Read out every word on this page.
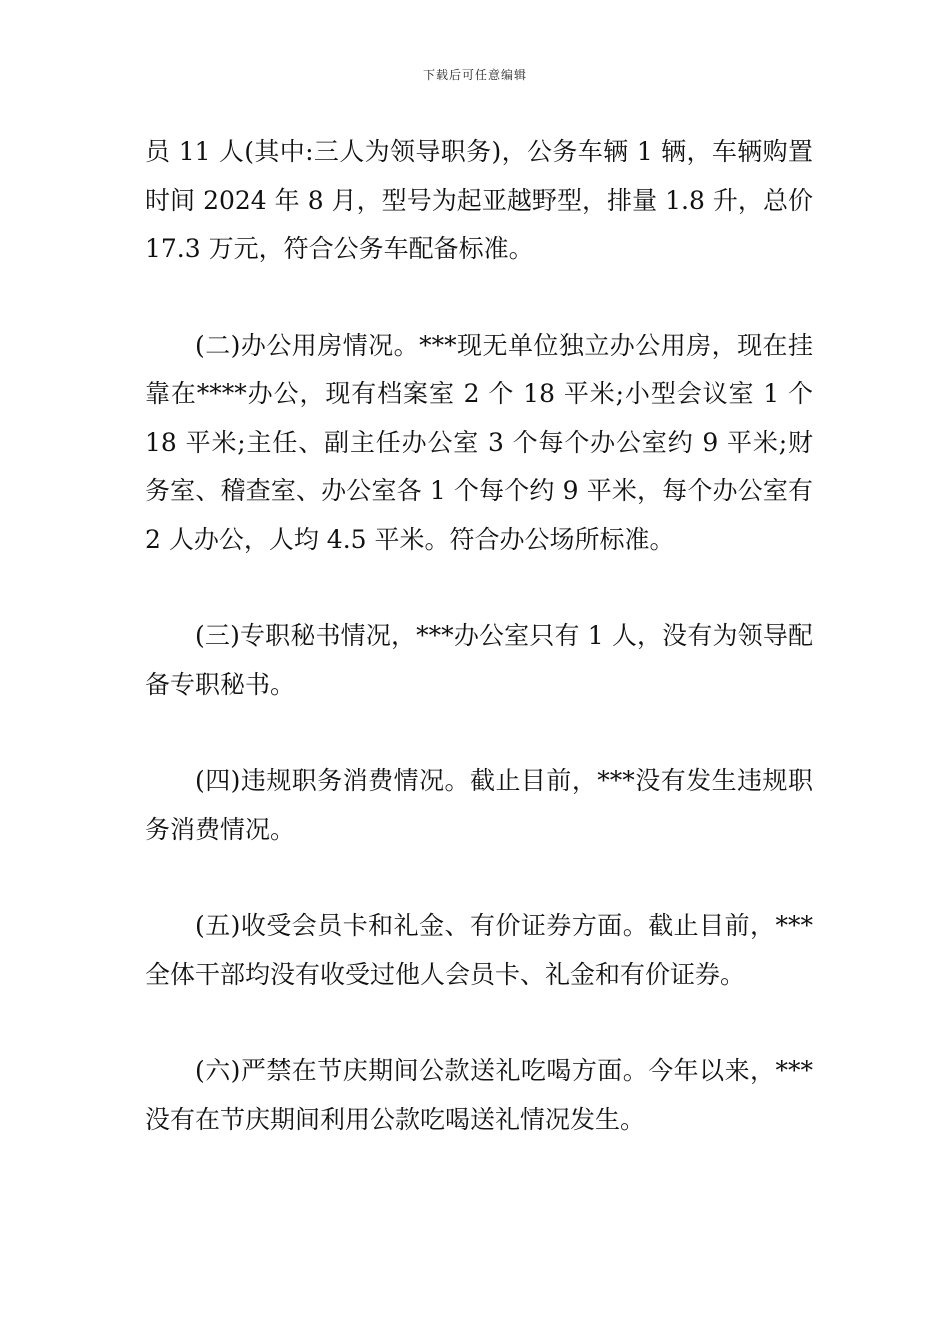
下载后可任意编辑

员 11 人(其中:三人为领导职务)，公务车辆 1 辆，车辆购置时间 2024 年 8 月，型号为起亚越野型，排量 1.8 升，总价 17.3 万元，符合公务车配备标准。

(二)办公用房情况。***现无单位独立办公用房，现在挂靠在****办公，现有档案室 2 个 18 平米;小型会议室 1 个 18 平米;主任、副主任办公室 3 个每个办公室约 9 平米;财务室、稽查室、办公室各 1 个每个约 9 平米，每个办公室有 2 人办公，人均 4.5 平米。符合办公场所标准。

(三)专职秘书情况，***办公室只有 1 人，没有为领导配备专职秘书。

(四)违规职务消费情况。截止目前，***没有发生违规职务消费情况。

(五)收受会员卡和礼金、有价证券方面。截止目前，***全体干部均没有收受过他人会员卡、礼金和有价证券。

(六)严禁在节庆期间公款送礼吃喝方面。今年以来，***没有在节庆期间利用公款吃喝送礼情况发生。
